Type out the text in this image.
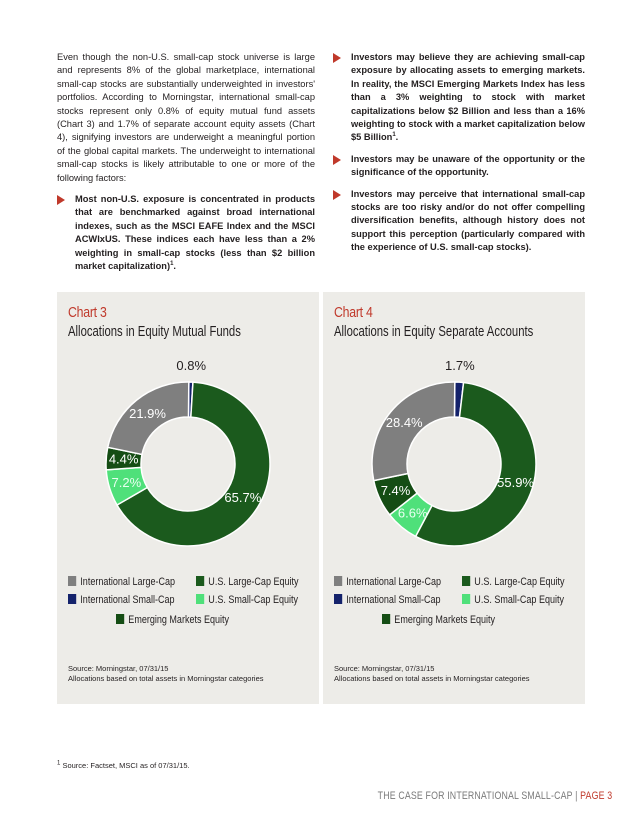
Even though the non-U.S. small-cap stock universe is large and represents 8% of the global marketplace, international small-cap stocks are substantially underweighted in investors' portfolios. According to Morningstar, international small-cap stocks represent only 0.8% of equity mutual fund assets (Chart 3) and 1.7% of separate account equity assets (Chart 4), signifying investors are underweight a meaningful portion of the global capital markets. The underweight to international small-cap stocks is likely attributable to one or more of the following factors:

Most non-U.S. exposure is concentrated in products that are benchmarked against broad international indexes, such as the MSCI EAFE Index and the MSCI ACWIxUS. These indices each have less than a 2% weighting in small-cap stocks (less than $2 billion market capitalization)$^1$.

Investors may believe they are achieving small-cap exposure by allocating assets to emerging markets. In reality, the MSCI Emerging Markets Index has less than a 3% weighting to stock with market capitalizations below $2 Billion and less than a 16% weighting to stock with a market capitalization below $5 Billion$^1$.

Investors may be unaware of the opportunity or the significance of the opportunity.

Investors may perceive that international small-cap stocks are too risky and/or do not offer compelling diversification benefits, although history does not support this perception (particularly compared with the experience of U.S. small-cap stocks).

Chart 3
Allocations in Equity Mutual Funds
0.8%
65.7%
7.2%
4.4%
21.9%
International Large-Cap	U.S. Large-Cap Equity
International Small-Cap	U.S. Small-Cap Equity
Emerging Markets Equity
Source: Morningstar, 07/31/15
Allocations based on total assets in Morningstar categories
Chart 4
Allocations in Equity Separate Accounts
1.7%
55.9%
6.6%
7.4%
28.4%
International Large-Cap	U.S. Large-Cap Equity
International Small-Cap	U.S. Small-Cap Equity
Emerging Markets Equity
Source: Morningstar, 07/31/15
Allocations based on total assets in Morningstar categories
$^1$ Source: Factset, MSCI as of 07/31/15.
THE CASE FOR INTERNATIONAL SMALL-CAP | PAGE 3
